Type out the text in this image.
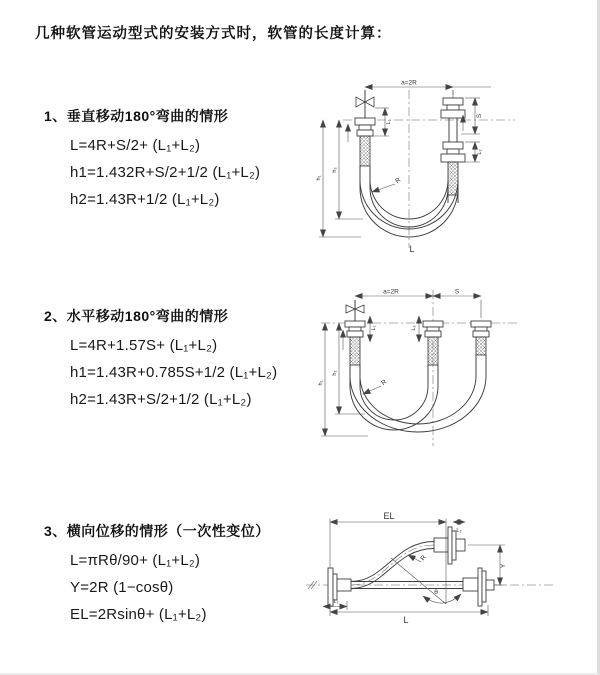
几种软管运动型式的安装方式时，软管的长度计算：
1、垂直移动180°弯曲的情形
L=4R+S/2+ (L₁+L₂)
h1=1.432R+S/2+1/2 (L₁+L₂)
h2=1.43R+1/2 (L₁+L₂)
a=2R
L₁
S
L₂
h₁
h₂
R
L
2、水平移动180°弯曲的情形
L=4R+1.57S+ (L₁+L₂)
h1=1.43R+0.785S+1/2 (L₁+L₂)
h2=1.43R+S/2+1/2 (L₁+L₂)
a=2R	S
L₁	L₂
h₁
h₂
R
3、横向位移的情形（一次性变位）
L=πRθ/90+ (L₁+L₂)
Y=2R (1−cosθ)
EL=2Rsinθ+ (L₁+L₂)
EL
L₂
θ
Y
R
L₁
L
